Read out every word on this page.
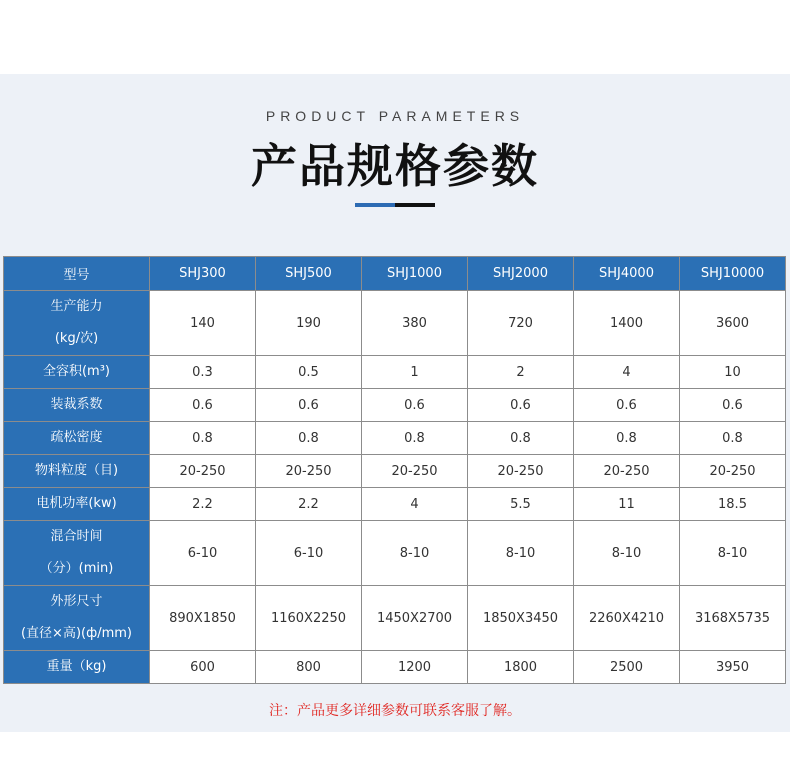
PRODUCT PARAMETERS
产品规格参数
型号	SHJ300	SHJ500	SHJ1000	SHJ2000	SHJ4000	SHJ10000

生产能力
(kg/次)	140	190	380	720	1400	3600

全容积(m³)	0.3	0.5	1	2	4	10

装裁系数	0.6	0.6	0.6	0.6	0.6	0.6

疏松密度	0.8	0.8	0.8	0.8	0.8	0.8

物料粒度（目)	20-250	20-250	20-250	20-250	20-250	20-250

电机功率(kw)	2.2	2.2	4	5.5	11	18.5

混合时间
（分）(min)	6-10	6-10	8-10	8-10	8-10	8-10

外形尺寸
(直径×高)(ф/mm)	890X1850	1160X2250	1450X2700	1850X3450	2260X4210	3168X5735

重量（kg)	600	800	1200	1800	2500	3950
注：产品更多详细参数可联系客服了解。
